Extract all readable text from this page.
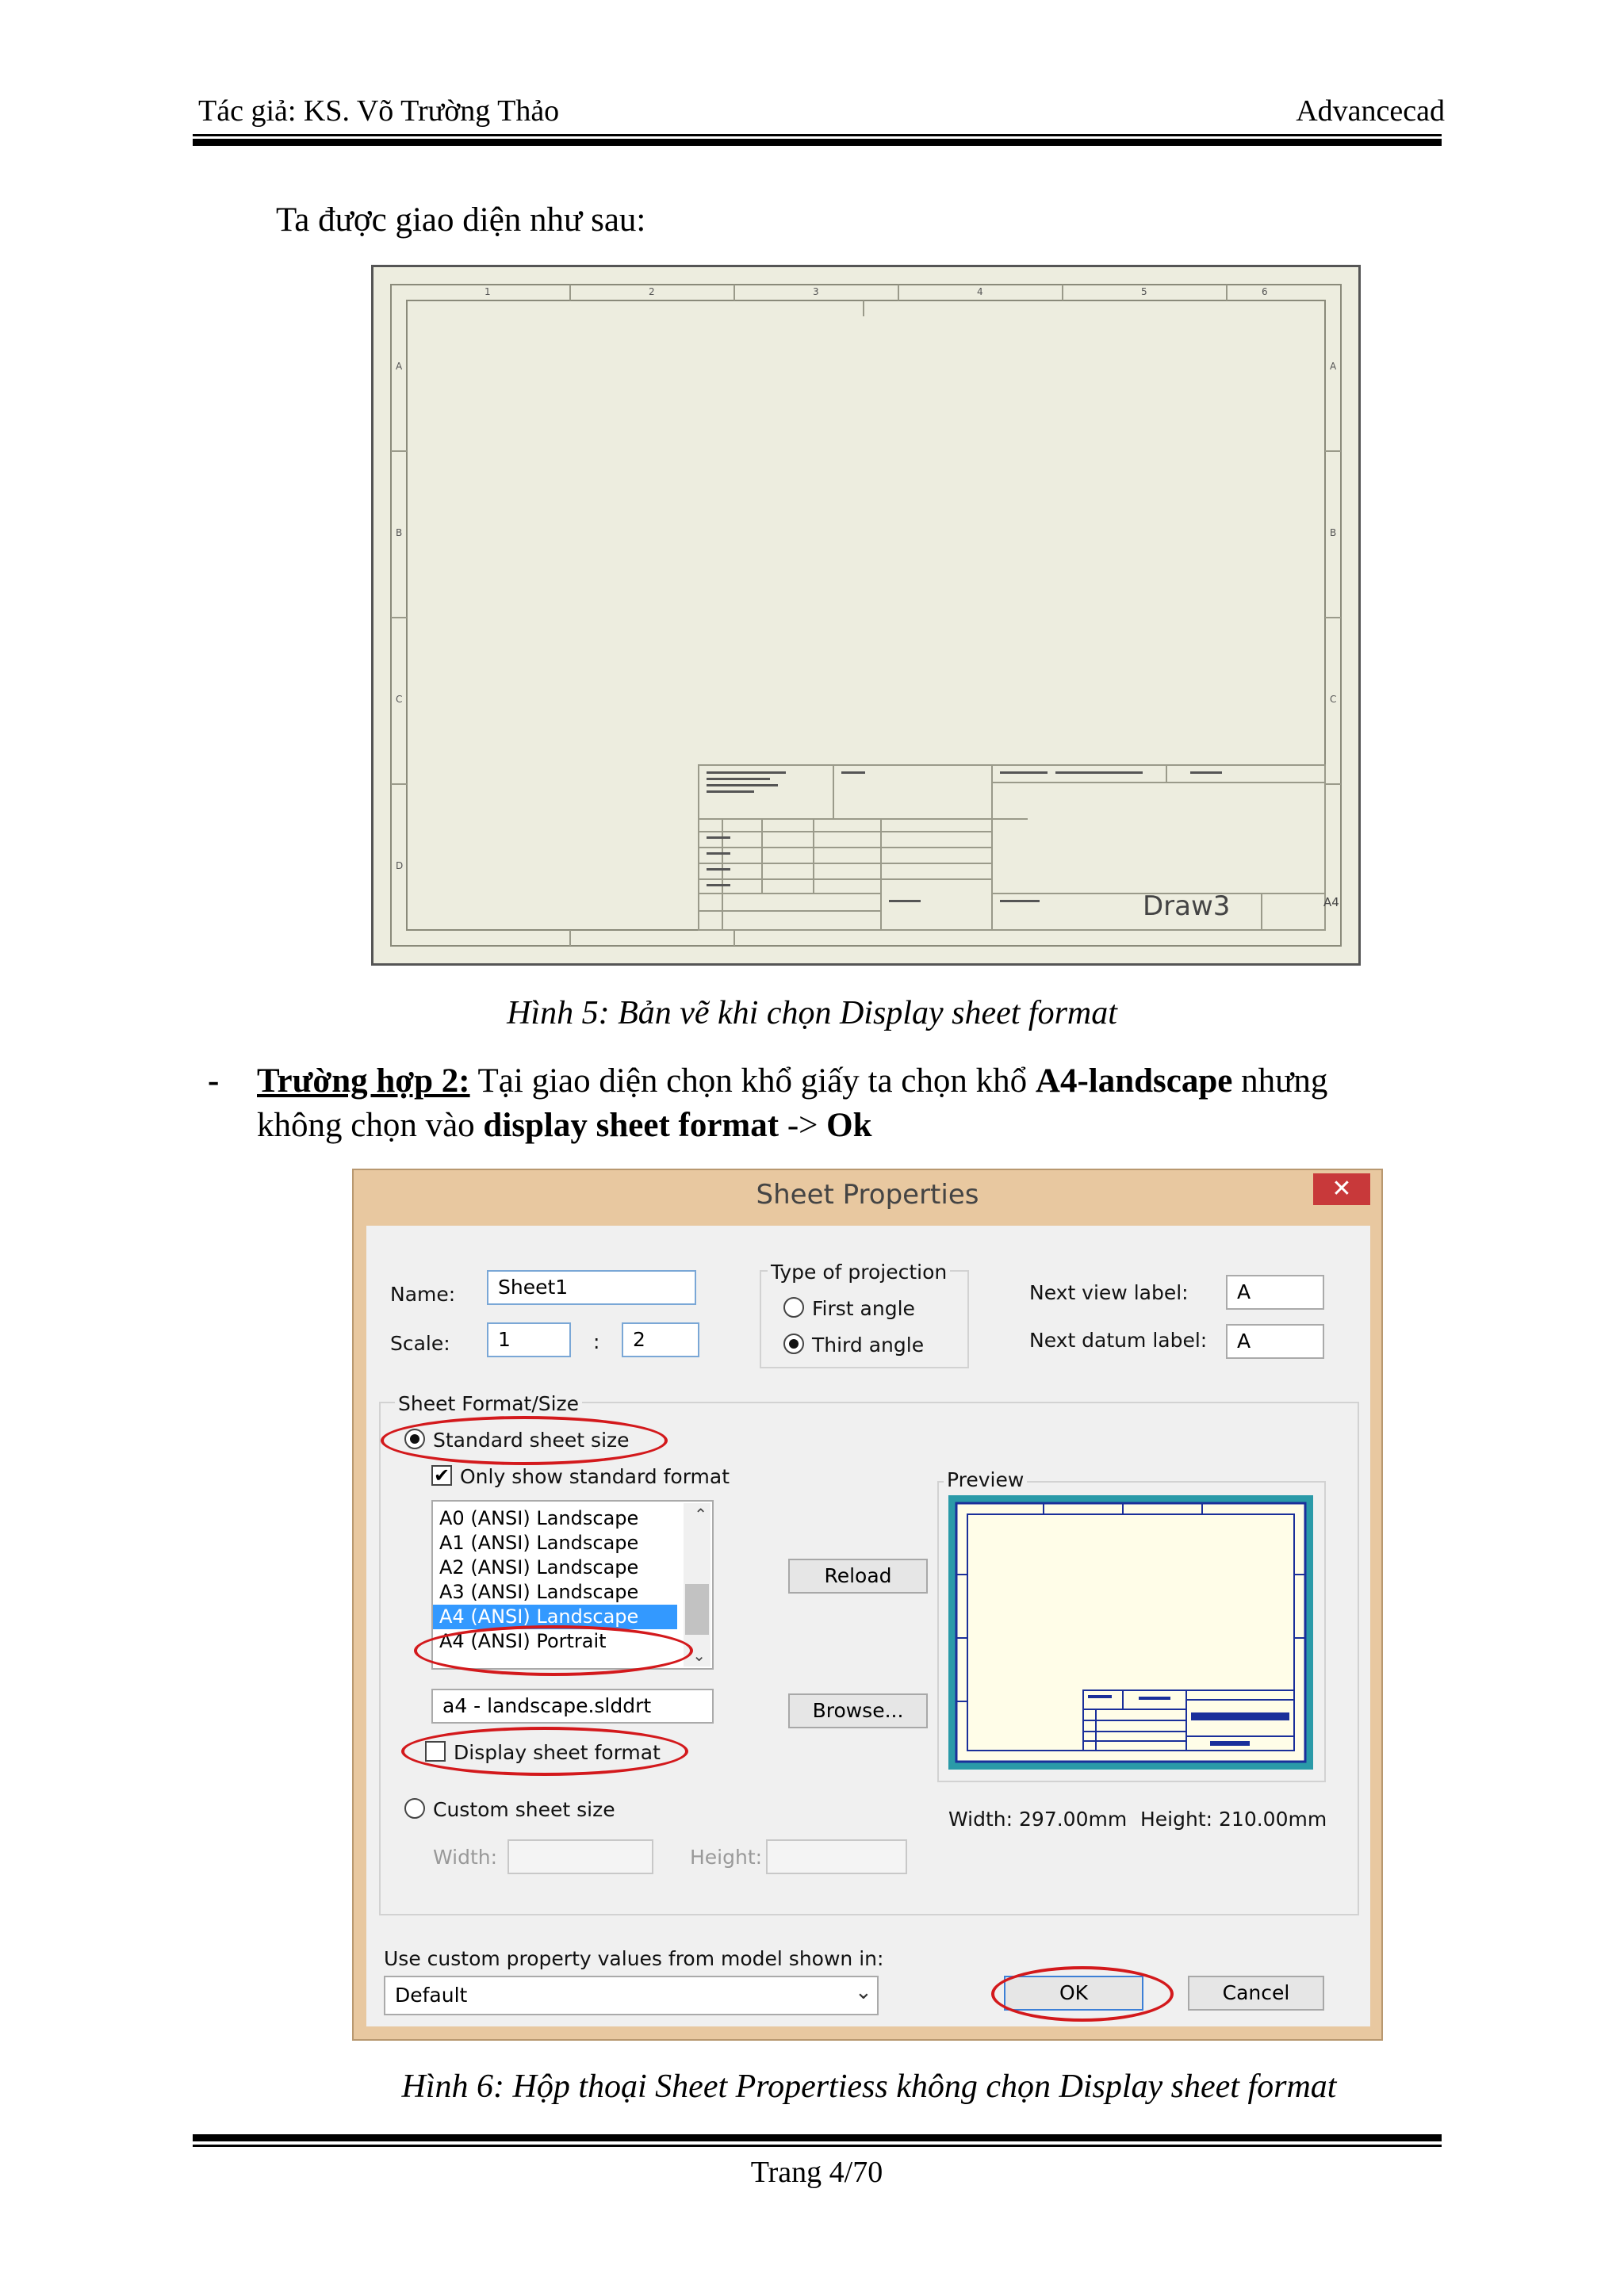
Tác giả: KS. Võ Trường Thảo	Advancecad
Ta được giao diện như sau:
Draw3	A4
A
B
C
D
A
B
C
1	2	3	4	5	6
Hình 5: Bản vẽ khi chọn Display sheet format
- Trường hợp 2: Tại giao diện chọn khổ giấy ta chọn khổ A4-landscape nhưng
không chọn vào display sheet format -> Ok
Sheet Properties	✕
Name:	Sheet1
Scale:	1	:	2
Type of projection
First angle
Third angle
Next view label:	A
Next datum label:	A
Sheet Format/Size
Standard sheet size
✔ Only show standard format
A0 (ANSI) Landscape
A1 (ANSI) Landscape
A2 (ANSI) Landscape
A3 (ANSI) Landscape
A4 (ANSI) Landscape
A4 (ANSI) Portrait
⌃
⌄
Reload
a4 - landscape.slddrt	Browse...
Display sheet format
Custom sheet size
Width:	Height:
Preview
Width: 297.00mm Height: 210.00mm
Use custom property values from model shown in:
Default	⌄	OK	Cancel
Hình 6: Hộp thoại Sheet Propertiess không chọn Display sheet format
Trang 4/70
